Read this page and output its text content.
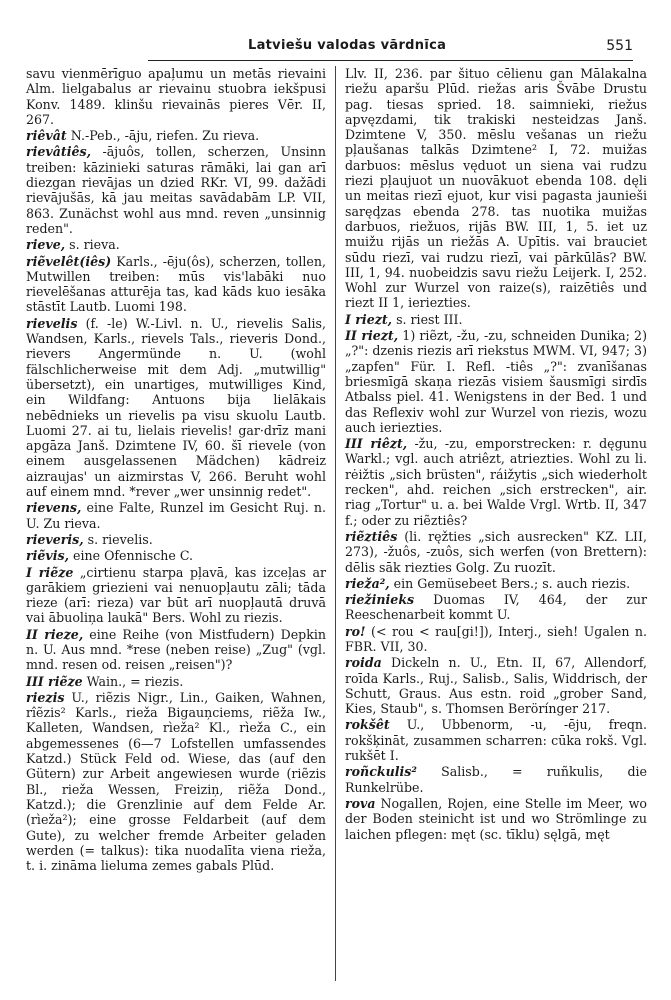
Latviešu valodas vārdnīca	551

savu vienmērīguo apaļumu un metās rievaini Alm. lielgabalus ar rievainu stuobra iekšpusi Konv. 1489. klinšu rievainās pieres Vēr. II, 267.

riêvât N.-Peb., -āju, riefen. Zu rieva.

rievâtiês, -ājuôs, tollen, scherzen, Unsinn treiben: kāzinieki saturas rāmāki, lai gan arī diezgan rievājas un dzied RKr. VI, 99. dažādi rievājušās, kā jau meitas savādabām LP. VII, 863. Zunächst wohl aus mnd. reven „unsinnig reden".

rieve, s. rieva.

riẽvelêt(iês) Karls., -ēju(ôs), scherzen, tollen, Mutwillen treiben: mūs vis'labāki nuo rievelēšanas atturēja tas, kad kāds kuo iesāka stāstīt Lautb. Luomi 198.

rievelis (f. -le) W.-Livl. n. U., rievelis Salis, Wandsen, Karls., rievels Tals., rieveris Dond., rievers Angermünde n. U. (wohl fälschlicherweise mit dem Adj. „mutwillig" übersetzt), ein unartiges, mutwilliges Kind, ein Wildfang: Antuons bija lielākais nebēdnieks un rievelis pa visu skuolu Lautb. Luomi 27. ai tu, lielais rievelis! gar·drīz mani apgāza Janš. Dzimtene IV, 60. šī rievele (von einem ausgelassenen Mädchen) kādreiz aizraujas' un aizmirstas V, 266. Beruht wohl auf einem mnd. *rever „wer unsinnig redet".

rievens, eine Falte, Runzel im Gesicht Ruj. n. U. Zu rieva.

rieveris, s. rievelis.

riẽvis, eine Ofennische C.

I riẽze „cirtienu starpa pļavā, kas izceļas ar garākiem griezieni vai nenuopļautu zāli; tāda rieze (arī: rieza) var būt arī nuopļautā druvā vai ābuoliņa laukā" Bers. Wohl zu riezis.

II rieze, eine Reihe (von Mistfudern) Depkin n. U. Aus mnd. *rese (neben reise) „Zug" (vgl. mnd. resen od. reisen „reisen")?

III riẽze Wain., = riezis.

riezis U., riẽzis Nigr., Lin., Gaiken, Wahnen, rîẽzis² Karls., rieža Bigauņciems, riẽža Iw., Kalleten, Wandsen, rìeža² Kl., rìeža C., ein abgemessenes (6—7 Lofstellen umfassendes Katzd.) Stück Feld od. Wiese, das (auf den Gütern) zur Arbeit angewiesen wurde (riẽzis Bl., rieža Wessen, Freiziņ, riẽža Dond., Katzd.); die Grenzlinie auf dem Felde Ar. (rìeža²); eine grosse Feldarbeit (auf dem Gute), zu welcher fremde Arbeiter geladen werden (= talkus): tika nuodalīta viena rieža, t. i. zināma lieluma zemes gabals Plūd.

Llv. II, 236. par šituo cēlienu gan Mālakalna riežu aparšu Plūd. riežas aris Švābe Drustu pag. tiesas spried. 18. saimnieki, riežus apvęzdami, tik trakiski nesteidzas Janš. Dzimtene V, 350. mēslu vešanas un riežu pļaušanas talkās Dzimtene² I, 72. muižas darbuos: mēslus vęduot un siena vai rudzu riezi pļaujuot un nuovākuot ebenda 108. dęli un meitas riezī ejuot, kur visi pagasta jaunieši saręḑzas ebenda 278. tas nuotika muižas darbuos, riežuos, rijās BW. III, 1, 5. iet uz muižu rijās un riežās A. Upītis. vai brauciet sūdu riezī, vai rudzu riezī, vai pārkūlās? BW. III, 1, 94. nuobeidzis savu riežu Leijerk. I, 252. Wohl zur Wurzel von raize(s), raizētiês und riezt II 1, ieriezties.

I riezt, s. riest III.

II riezt, 1) riẽzt, -žu, -zu, schneiden Dunika; 2) „?": dzenis riezis arī riekstus MWM. VI, 947; 3) „zapfen" Für. I. Refl. -tiês „?": zvanīšanas briesmīgā skaņa riezās visiem šausmīgi sirdīs Atbalss piel. 41. Wenigstens in der Bed. 1 und das Reflexiv wohl zur Wurzel von riezis, wozu auch ieriezties.

III riêzt, -žu, -zu, emporstrecken: r. dęgunu Warkl.; vgl. auch atriêzt, atriezties. Wohl zu li. rėižtis „sich brüsten", ráižytis „sich wiederholt recken", ahd. reichen „sich erstrecken", air. riag „Tortur" u. a. bei Walde Vrgl. Wrtb. II, 347 f.; oder zu riẽztiês?

riẽztiês (li. ręžties „sich ausrecken" KZ. LII, 273), -žuôs, -zuôs, sich werfen (von Brettern): dēlis sāk riezties Golg. Zu ruozīt.

rieža², ein Gemüsebeet Bers.; s. auch riezis.

riežinieks Duomas IV, 464, der zur Reeschenarbeit kommt U.

ro! (< rou < rau[gi!]), Interj., sieh! Ugalen n. FBR. VII, 30.

roida Dickeln n. U., Etn. II, 67, Allendorf, roīda Karls., Ruj., Salisb., Salis, Widdrisch, der Schutt, Graus. Aus estn. roid „grober Sand, Kies, Staub", s. Thomsen Berörínger 217.

rokšêt U., Ubbenorm, -u, -ēju, freqn. rokšķināt, zusammen scharren: cūka rokš. Vgl. rukšēt I.

roñckulis² Salisb., = ruñkulis, die Runkelrübe.

rova Nogallen, Rojen, eine Stelle im Meer, wo der Boden steinicht ist und wo Strömlinge zu laichen pflegen: męt (sc. tīklu) sęlgā, męt
